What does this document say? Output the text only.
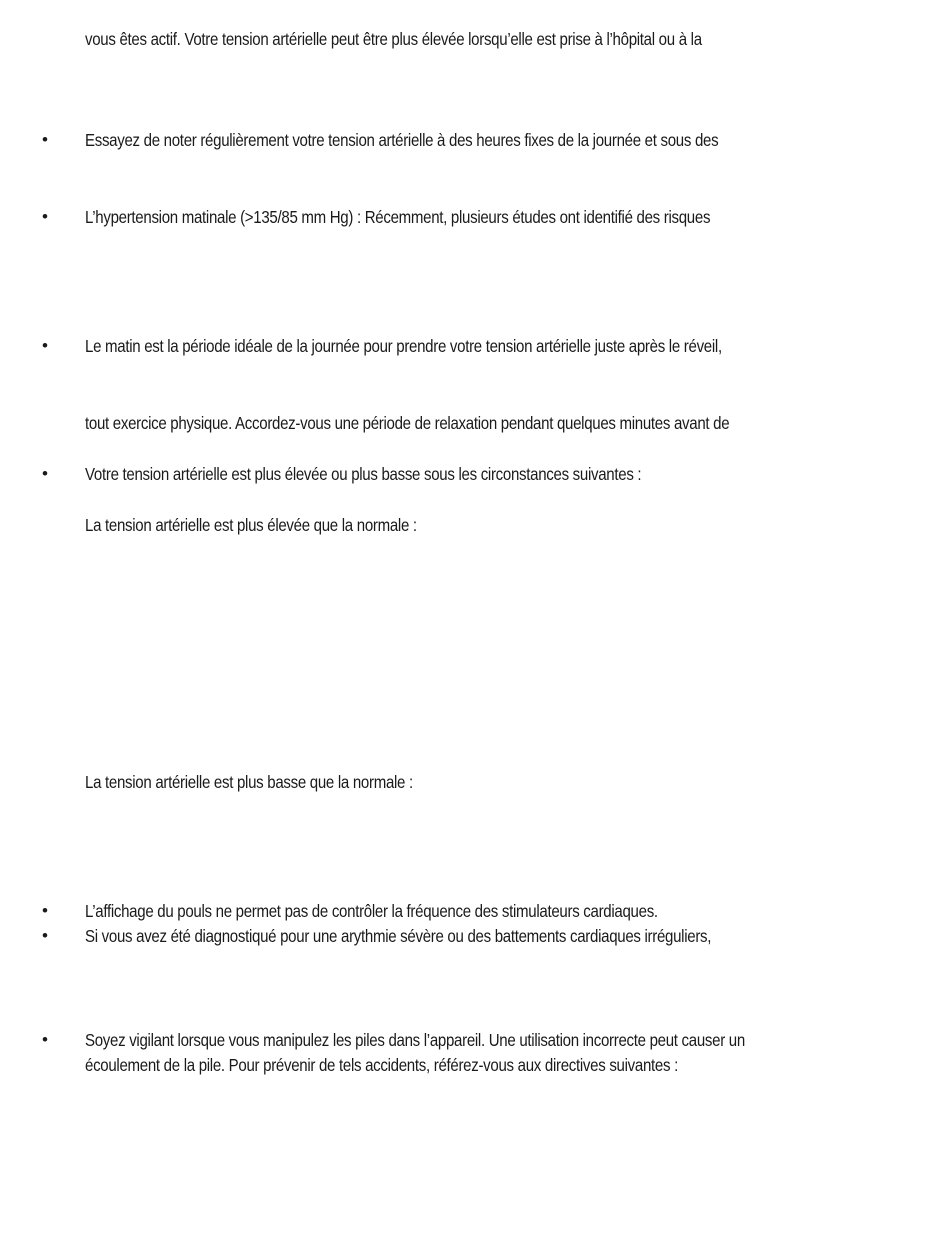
vous êtes actif. Votre tension artérielle peut être plus élevée lorsqu’elle est prise à l’hôpital ou à la
• Essayez de noter régulièrement votre tension artérielle à des heures fixes de la journée et sous des
• L’hypertension matinale (>135/85 mm Hg) : Récemment, plusieurs études ont identifié des risques
• Le matin est la période idéale de la journée pour prendre votre tension artérielle juste après le réveil,
tout exercice physique. Accordez-vous une période de relaxation pendant quelques minutes avant de
• Votre tension artérielle est plus élevée ou plus basse sous les circonstances suivantes :
La tension artérielle est plus élevée que la normale :
La tension artérielle est plus basse que la normale :
• L’affichage du pouls ne permet pas de contrôler la fréquence des stimulateurs cardiaques.
• Si vous avez été diagnostiqué pour une arythmie sévère ou des battements cardiaques irréguliers,
• Soyez vigilant lorsque vous manipulez les piles dans l’appareil. Une utilisation incorrecte peut causer un
écoulement de la pile. Pour prévenir de tels accidents, référez-vous aux directives suivantes :
